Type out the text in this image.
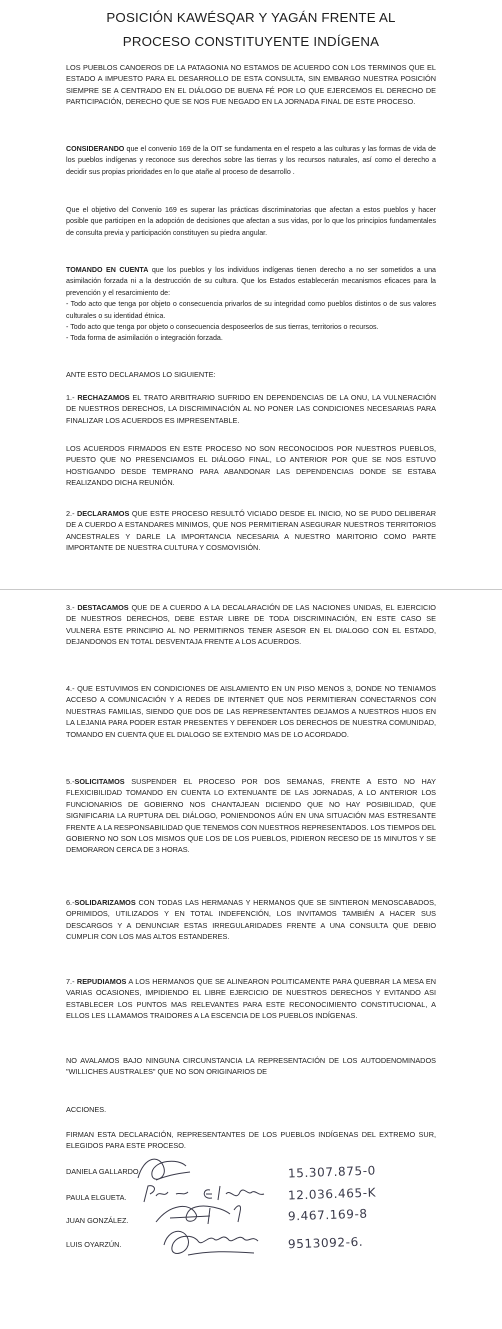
POSICIÓN KAWÉSQAR Y YAGÁN FRENTE AL
PROCESO CONSTITUYENTE INDÍGENA

LOS PUEBLOS CANOEROS DE LA PATAGONIA NO ESTAMOS DE ACUERDO CON LOS TERMINOS QUE EL ESTADO A IMPUESTO PARA EL DESARROLLO DE ESTA CONSULTA, SIN EMBARGO NUESTRA POSICIÓN SIEMPRE SE A CENTRADO EN EL DIÁLOGO DE BUENA FÉ POR LO QUE EJERCEMOS EL DERECHO DE PARTICIPACIÓN, DERECHO QUE SE NOS FUE NEGADO EN LA JORNADA FINAL DE ESTE PROCESO.

CONSIDERANDO que el convenio 169 de la OIT se fundamenta en el respeto a las culturas y las formas de vida de los pueblos indígenas y reconoce sus derechos sobre las tierras y los recursos naturales, así como el derecho a decidir sus propias prioridades en lo que atañe al proceso de desarrollo .

Que el objetivo del Convenio 169 es superar las prácticas discriminatorias que afectan a estos pueblos y hacer posible que participen en la adopción de decisiones que afectan a sus vidas, por lo que los principios fundamentales de consulta previa y participación constituyen su piedra angular.

TOMANDO EN CUENTA que los pueblos y los individuos indígenas tienen derecho a no ser sometidos a una asimilación forzada ni a la destrucción de su cultura. Que los Estados establecerán mecanismos eficaces para la prevención y el resarcimiento de:
- Todo acto que tenga por objeto o consecuencia privarlos de su integridad como pueblos distintos o de sus valores culturales o su identidad étnica.
- Todo acto que tenga por objeto o consecuencia desposeerlos de sus tierras, territorios o recursos.
- Toda forma de asimilación o integración forzada.

ANTE ESTO DECLARAMOS LO SIGUIENTE:

1.- RECHAZAMOS EL TRATO ARBITRARIO SUFRIDO EN DEPENDENCIAS DE LA ONU, LA VULNERACIÓN DE NUESTROS DERECHOS, LA DISCRIMINACIÓN AL NO PONER LAS CONDICIONES NECESARIAS PARA FINALIZAR LOS ACUERDOS ES IMPRESENTABLE.

LOS ACUERDOS FIRMADOS EN ESTE PROCESO NO SON RECONOCIDOS POR NUESTROS PUEBLOS, PUESTO QUE NO PRESENCIAMOS EL DIÁLOGO FINAL, LO ANTERIOR POR QUE SE NOS ESTUVO HOSTIGANDO DESDE TEMPRANO PARA ABANDONAR LAS DEPENDENCIAS DONDE SE ESTABA REALIZANDO DICHA REUNIÓN.

2.- DECLARAMOS QUE ESTE PROCESO RESULTÓ VICIADO DESDE EL INICIO, NO SE PUDO DELIBERAR DE A CUERDO A ESTANDARES MINIMOS, QUE NOS PERMITIERAN ASEGURAR NUESTROS TERRITORIOS ANCESTRALES Y DARLE LA IMPORTANCIA NECESARIA A NUESTRO MARITORIO COMO PARTE IMPORTANTE DE NUESTRA CULTURA Y COSMOVISIÓN.

3.- DESTACAMOS QUE DE A CUERDO A LA DECALARACIÓN DE LAS NACIONES UNIDAS, EL EJERCICIO DE NUESTROS DERECHOS, DEBE ESTAR LIBRE DE TODA DISCRIMINACIÓN, EN ESTE CASO SE VULNERA ESTE PRINCIPIO AL NO PERMITIRNOS TENER ASESOR EN EL DIALOGO CON EL ESTADO, DEJANDONOS EN TOTAL DESVENTAJA FRENTE A LOS ACUERDOS.

4.- QUE ESTUVIMOS EN CONDICIONES DE AISLAMIENTO EN UN PISO MENOS 3, DONDE NO TENIAMOS ACCESO A COMUNICACIÓN Y A REDES DE INTERNET QUE NOS PERMITIERAN CONECTARNOS CON NUESTRAS FAMILIAS, SIENDO QUE DOS DE LAS REPRESENTANTES DEJAMOS A NUESTROS HIJOS EN LA LEJANIA PARA PODER ESTAR PRESENTES Y DEFENDER LOS DERECHOS DE NUESTRA COMUNIDAD, TOMANDO EN CUENTA QUE EL DIALOGO SE EXTENDIO MAS DE LO ACORDADO.

5.-SOLICITAMOS SUSPENDER EL PROCESO POR DOS SEMANAS, FRENTE A ESTO NO HAY FLEXICIBILIDAD TOMANDO EN CUENTA LO EXTENUANTE DE LAS JORNADAS, A LO ANTERIOR LOS FUNCIONARIOS DE GOBIERNO NOS CHANTAJEAN DICIENDO QUE NO HAY POSIBILIDAD, QUE SIGNIFICARIA LA RUPTURA DEL DIÁLOGO, PONIENDONOS AÚN EN UNA SITUACIÓN MAS ESTRESANTE FRENTE A LA RESPONSABILIDAD QUE TENEMOS CON NUESTROS REPRESENTADOS. LOS TIEMPOS DEL GOBIERNO NO SON LOS MISMOS QUE LOS DE LOS PUEBLOS, PIDIERON RECESO DE 15 MINUTOS Y SE DEMORARON CERCA DE 3 HORAS.

6.-SOLIDARIZAMOS CON TODAS LAS HERMANAS Y HERMANOS QUE SE SINTIERON MENOSCABADOS, OPRIMIDOS, UTILIZADOS Y EN TOTAL INDEFENCIÓN, LOS INVITAMOS TAMBIÉN A HACER SUS DESCARGOS Y A DENUNCIAR ESTAS IRREGULARIDADES FRENTE A UNA CONSULTA QUE DEBIO CUMPLIR CON LOS MAS ALTOS ESTANDERES.

7.- REPUDIAMOS A LOS HERMANOS QUE SE ALINEARON POLITICAMENTE PARA QUEBRAR LA MESA EN VARIAS OCASIONES, IMPIDIENDO EL LIBRE EJERCICIO DE NUESTROS DERECHOS Y EVITANDO ASI ESTABLECER LOS PUNTOS MAS RELEVANTES PARA ESTE RECONOCIMIENTO CONSTITUCIONAL, A ELLOS LES LLAMAMOS TRAIDORES A LA ESCENCIA DE LOS PUEBLOS INDÍGENAS.

NO AVALAMOS BAJO NINGUNA CIRCUNSTANCIA LA REPRESENTACIÓN DE LOS AUTODENOMINADOS "WILLICHES AUSTRALES" QUE NO SON ORIGINARIOS DE

ACCIONES.

FIRMAN ESTA DECLARACIÓN, REPRESENTANTES DE LOS PUEBLOS INDÍGENAS DEL EXTREMO SUR, ELEGIDOS PARA ESTE PROCESO.

DANIELA GALLARDO.
PAULA ELGUETA.
JUAN GONZÁLEZ.
LUIS OYARZÚN.
15.307.875-0
12.036.465-K
9.467.169-8
9513092-6.
